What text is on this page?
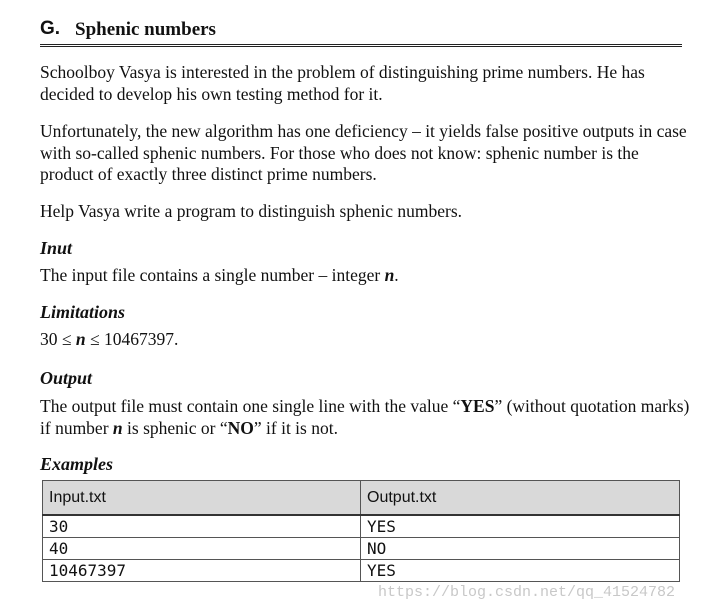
G. Sphenic numbers

Schoolboy Vasya is interested in the problem of distinguishing prime numbers. He has decided to develop his own testing method for it.

Unfortunately, the new algorithm has one deficiency – it yields false positive outputs in case with so-called sphenic numbers. For those who does not know: sphenic number is the product of exactly three distinct prime numbers.

Help Vasya write a program to distinguish sphenic numbers.

Inut
The input file contains a single number – integer n.
Limitations
30 ≤ n ≤ 10467397.
Output
The output file must contain one single line with the value “YES” (without quotation marks) if number n is sphenic or “NO” if it is not.
Examples
Input.txt	Output.txt
30	YES
40	NO
10467397	YES
https://blog.csdn.net/qq_41524782
